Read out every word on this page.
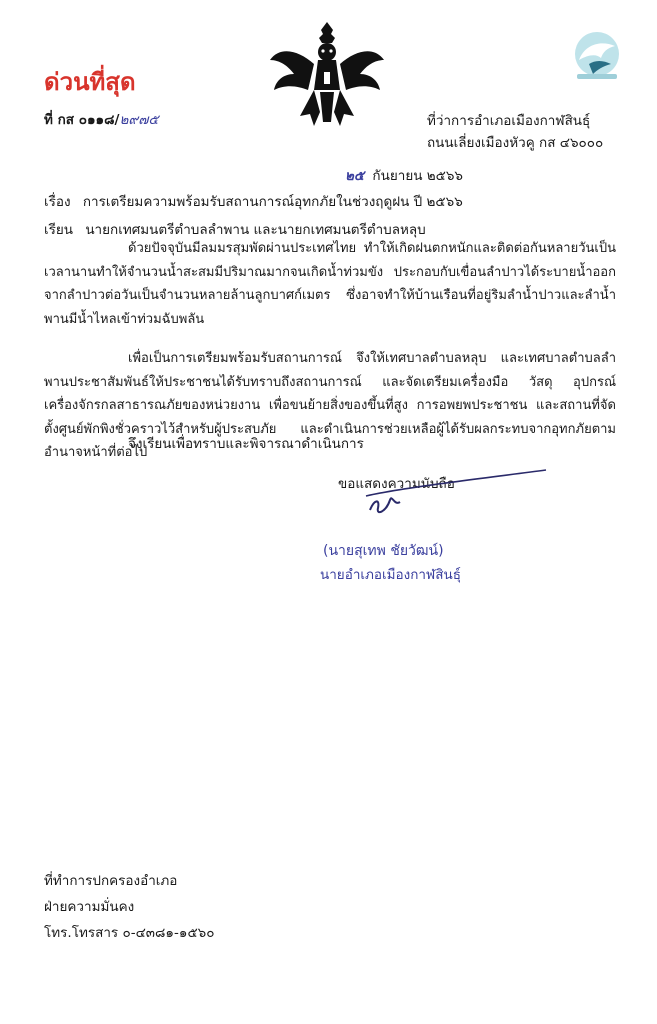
ด่วนที่สุด
ที่ กส ๐๑๑๘/๒๙๗๕	ที่ว่าการอำเภอเมืองกาฬสินธุ์
ถนนเลี่ยงเมืองหัวคู กส ๔๖๐๐๐
๒๕ กันยายน ๒๕๖๖
เรื่อง การเตรียมความพร้อมรับสถานการณ์อุทกภัยในช่วงฤดูฝน ปี ๒๕๖๖
เรียน นายกเทศมนตรีตำบลลำพาน และนายกเทศมนตรีตำบลหลุบ

ด้วยปัจจุบันมีลมมรสุมพัดผ่านประเทศไทย ทำให้เกิดฝนตกหนักและติดต่อกันหลายวันเป็นเวลานานทำให้จำนวนน้ำสะสมมีปริมาณมากจนเกิดน้ำท่วมขัง ประกอบกับเขื่อนลำปาวได้ระบายน้ำออกจากลำปาวต่อวันเป็นจำนวนหลายล้านลูกบาศก์เมตร ซึ่งอาจทำให้บ้านเรือนที่อยู่ริมลำน้ำปาวและลำน้ำพานมีน้ำไหลเข้าท่วมฉับพลัน

เพื่อเป็นการเตรียมพร้อมรับสถานการณ์ จึงให้เทศบาลตำบลหลุบ และเทศบาลตำบลลำพานประชาสัมพันธ์ให้ประชาชนได้รับทราบถึงสถานการณ์ และจัดเตรียมเครื่องมือ วัสดุ อุปกรณ์ เครื่องจักรกลสาธารณภัยของหน่วยงาน เพื่อขนย้ายสิ่งของขึ้นที่สูง การอพยพประชาชน และสถานที่จัดตั้งศูนย์พักพิงชั่วคราวไว้สำหรับผู้ประสบภัย และดำเนินการช่วยเหลือผู้ได้รับผลกระทบจากอุทกภัยตามอำนาจหน้าที่ต่อไป

จึงเรียนเพื่อทราบและพิจารณาดำเนินการ
ขอแสดงความนับถือ
(นายสุเทพ ชัยวัฒน์)
นายอำเภอเมืองกาฬสินธุ์
ที่ทำการปกครองอำเภอ
ฝ่ายความมั่นคง
โทร.โทรสาร ๐-๔๓๘๑-๑๕๖๐
